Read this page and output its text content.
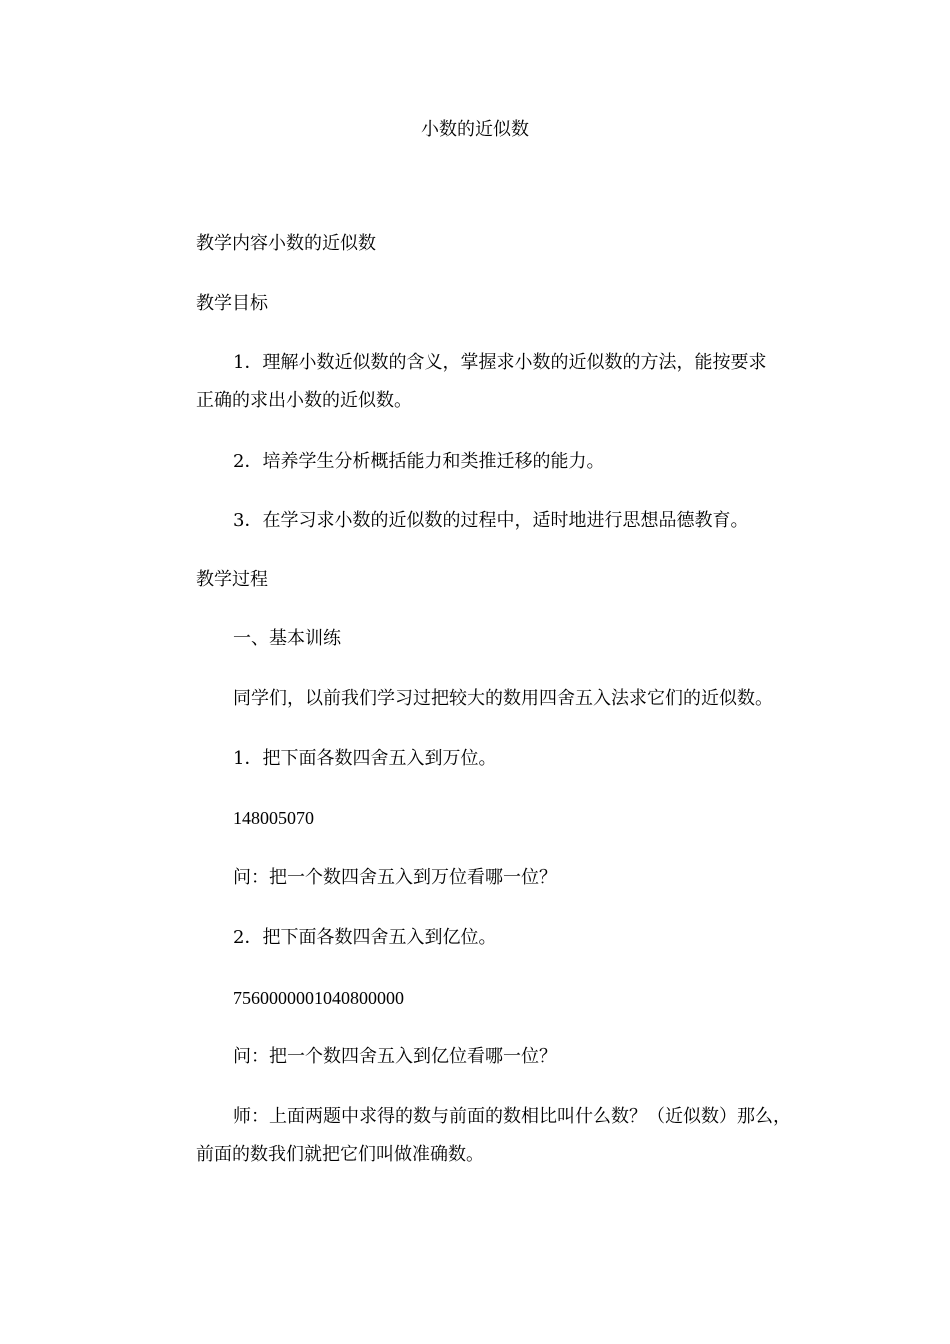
小数的近似数
教学内容小数的近似数
教学目标
1．理解小数近似数的含义，掌握求小数的近似数的方法，能按要求
正确的求出小数的近似数。
2．培养学生分析概括能力和类推迁移的能力。
3．在学习求小数的近似数的过程中，适时地进行思想品德教育。
教学过程
一、基本训练
同学们，以前我们学习过把较大的数用四舍五入法求它们的近似数。
1．把下面各数四舍五入到万位。
148005070
问：把一个数四舍五入到万位看哪一位？
2．把下面各数四舍五入到亿位。
7560000001040800000
问：把一个数四舍五入到亿位看哪一位？
师：上面两题中求得的数与前面的数相比叫什么数？（近似数）那么，
前面的数我们就把它们叫做准确数。
